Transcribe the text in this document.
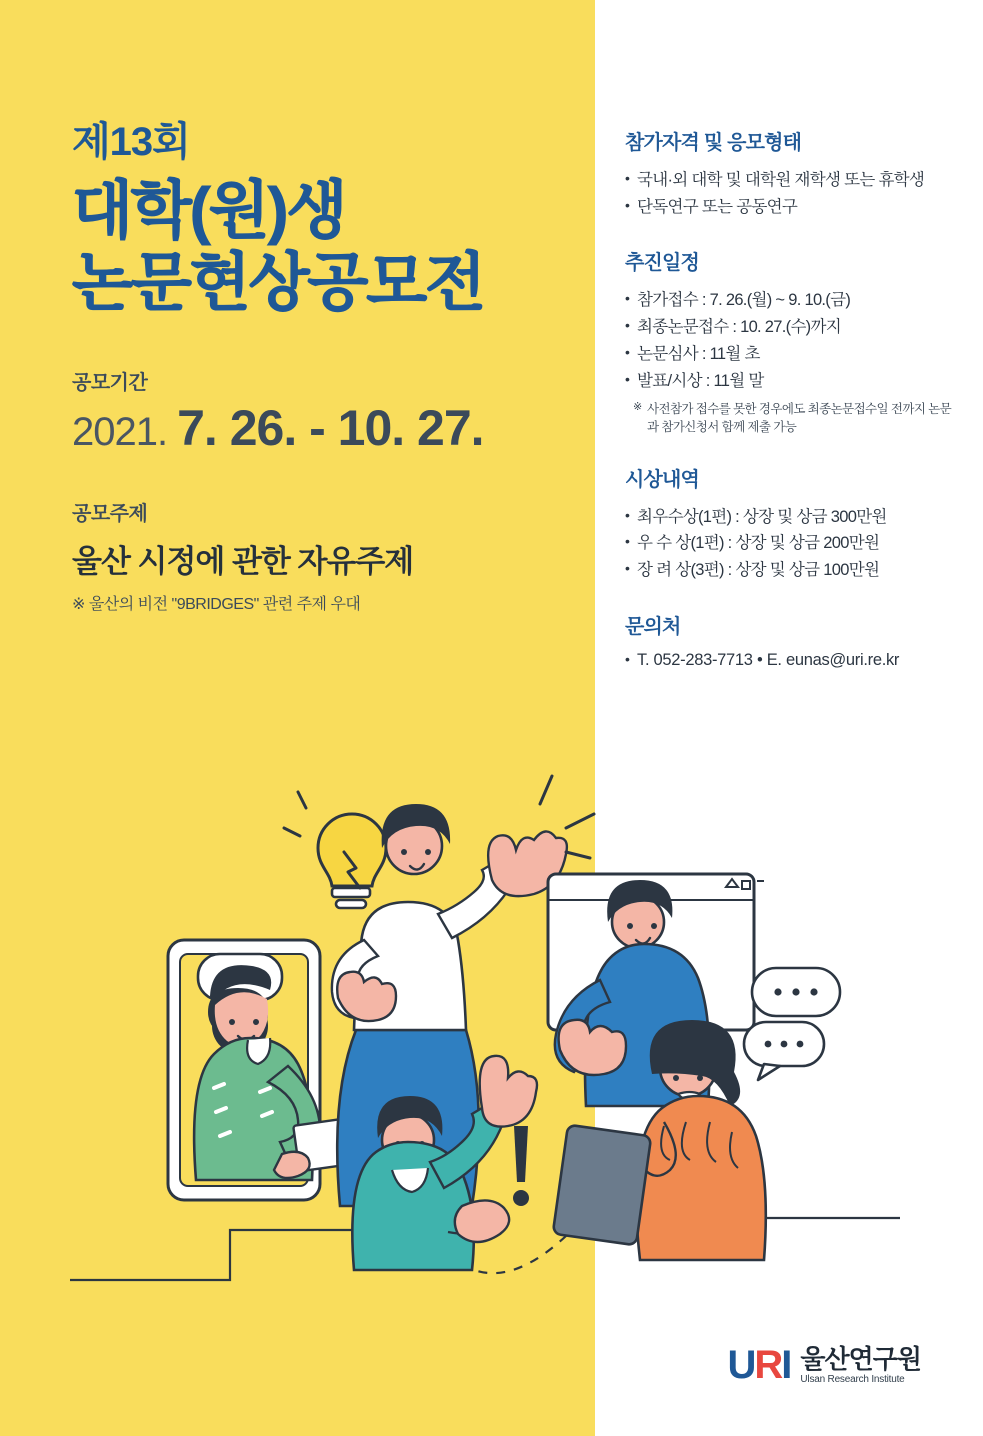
제13회
대학(원)생
논문현상공모전
공모기간
2021. 7. 26. - 10. 27.
공모주제
울산 시정에 관한 자유주제
※ 울산의 비전 "9BRIDGES" 관련 주제 우대
참가자격 및 응모형태
• 국내·외 대학 및 대학원 재학생 또는 휴학생
• 단독연구 또는 공동연구
추진일정
• 참가접수 : 7. 26.(월) ~ 9. 10.(금)
• 최종논문접수 : 10. 27.(수)까지
• 논문심사 : 11월 초
• 발표/시상 : 11월 말
※ 사전참가 접수를 못한 경우에도 최종논문접수일 전까지 논문과 참가신청서 함께 제출 가능
시상내역
• 최우수상(1편) : 상장 및 상금 300만원
• 우 수 상(1편) : 상장 및 상금 200만원
• 장 려 상(3편) : 상장 및 상금 100만원
문의처
• T. 052-283-7713 • E. eunas@uri.re.kr
U R I 울산연구원
Ulsan Research Institute
